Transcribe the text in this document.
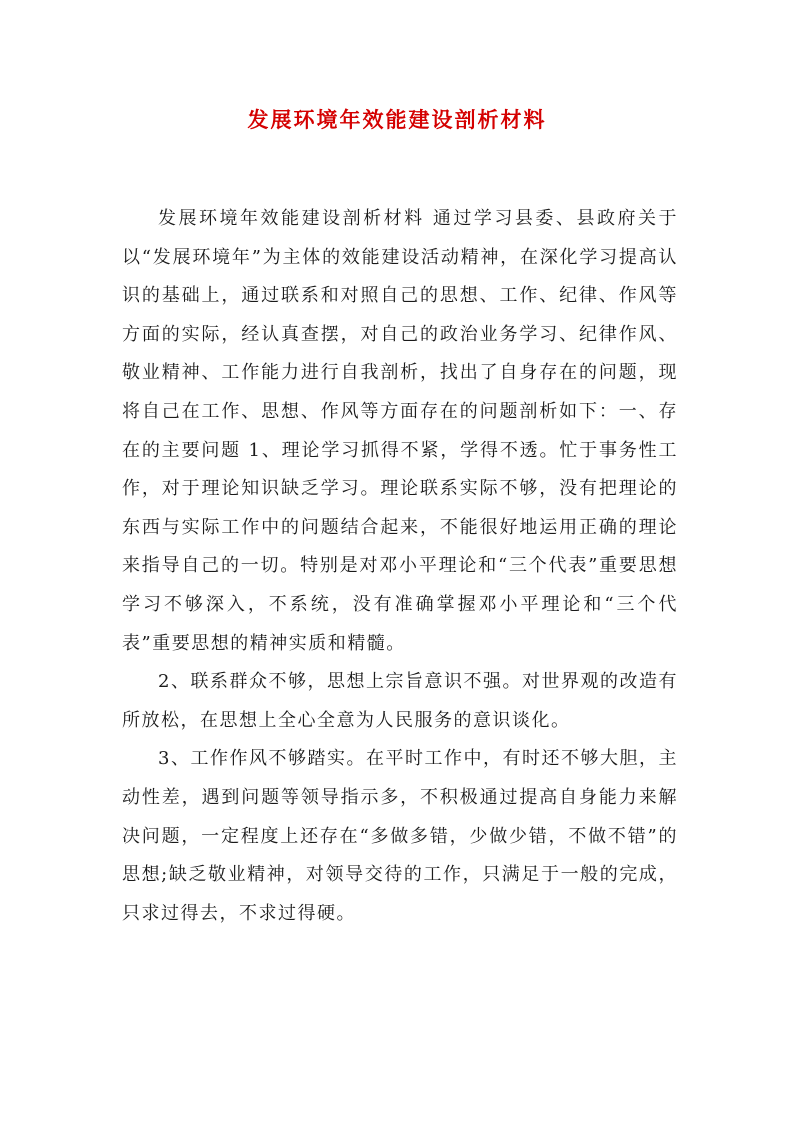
发展环境年效能建设剖析材料

发展环境年效能建设剖析材料 通过学习县委、县政府关于以“发展环境年”为主体的效能建设活动精神，在深化学习提高认识的基础上，通过联系和对照自己的思想、工作、纪律、作风等方面的实际，经认真查摆，对自己的政治业务学习、纪律作风、敬业精神、工作能力进行自我剖析，找出了自身存在的问题，现将自己在工作、思想、作风等方面存在的问题剖析如下：一、存在的主要问题 1、理论学习抓得不紧，学得不透。忙于事务性工作，对于理论知识缺乏学习。理论联系实际不够，没有把理论的东西与实际工作中的问题结合起来，不能很好地运用正确的理论来指导自己的一切。特别是对邓小平理论和“三个代表”重要思想学习不够深入，不系统，没有准确掌握邓小平理论和“三个代表”重要思想的精神实质和精髓。

2、联系群众不够，思想上宗旨意识不强。对世界观的改造有所放松，在思想上全心全意为人民服务的意识谈化。

3、工作作风不够踏实。在平时工作中，有时还不够大胆，主动性差，遇到问题等领导指示多，不积极通过提高自身能力来解决问题，一定程度上还存在“多做多错，少做少错，不做不错”的思想;缺乏敬业精神，对领导交待的工作，只满足于一般的完成，只求过得去，不求过得硬。
